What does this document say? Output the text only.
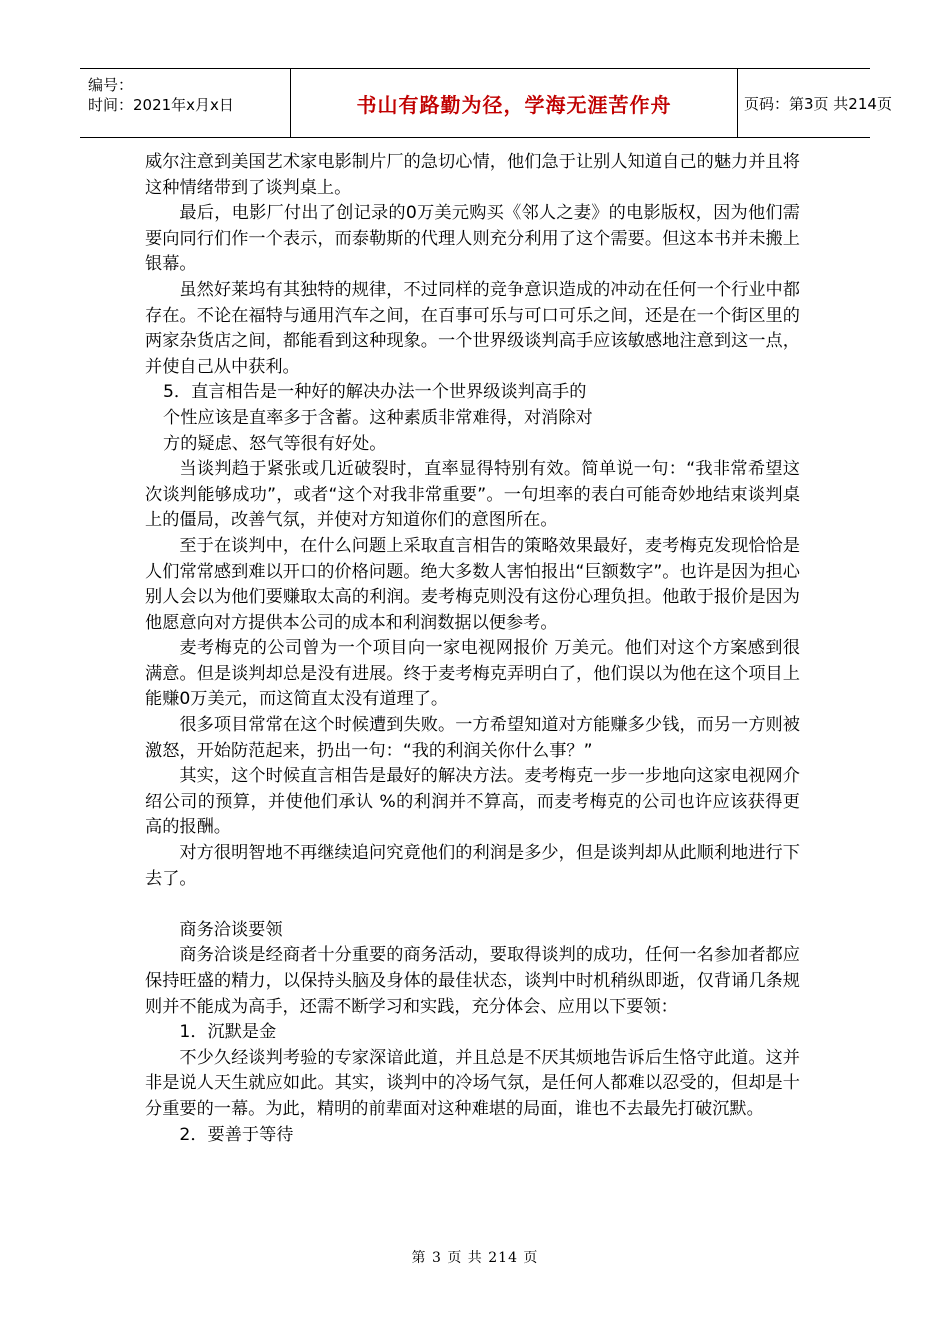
编号：
时间：2021年x月x日	书山有路勤为径，学海无涯苦作舟	页码：第3页 共214页

威尔注意到美国艺术家电影制片厂的急切心情，他们急于让别人知道自己的魅力并且将这种情绪带到了谈判桌上。

最后，电影厂付出了创记录的0万美元购买《邻人之妻》的电影版权，因为他们需要向同行们作一个表示，而泰勒斯的代理人则充分利用了这个需要。但这本书并未搬上银幕。

虽然好莱坞有其独特的规律，不过同样的竞争意识造成的冲动在任何一个行业中都存在。不论在福特与通用汽车之间，在百事可乐与可口可乐之间，还是在一个街区里的两家杂货店之间，都能看到这种现象。一个世界级谈判高手应该敏感地注意到这一点，并使自己从中获利。

5．直言相告是一种好的解决办法一个世界级谈判高手的

个性应该是直率多于含蓄。这种素质非常难得，对消除对

方的疑虑、怒气等很有好处。

当谈判趋于紧张或几近破裂时，直率显得特别有效。简单说一句：“我非常希望这次谈判能够成功”，或者“这个对我非常重要”。一句坦率的表白可能奇妙地结束谈判桌上的僵局，改善气氛，并使对方知道你们的意图所在。

至于在谈判中，在什么问题上采取直言相告的策略效果最好，麦考梅克发现恰恰是人们常常感到难以开口的价格问题。绝大多数人害怕报出“巨额数字”。也许是因为担心别人会以为他们要赚取太高的利润。麦考梅克则没有这份心理负担。他敢于报价是因为他愿意向对方提供本公司的成本和利润数据以便参考。

麦考梅克的公司曾为一个项目向一家电视网报价 万美元。他们对这个方案感到很满意。但是谈判却总是没有进展。终于麦考梅克弄明白了，他们误以为他在这个项目上能赚0万美元，而这简直太没有道理了。

很多项目常常在这个时候遭到失败。一方希望知道对方能赚多少钱，而另一方则被激怒，开始防范起来，扔出一句：“我的利润关你什么事？”

其实，这个时候直言相告是最好的解决方法。麦考梅克一步一步地向这家电视网介绍公司的预算，并使他们承认 %的利润并不算高，而麦考梅克的公司也许应该获得更高的报酬。

对方很明智地不再继续追问究竟他们的利润是多少，但是谈判却从此顺利地进行下去了。

商务洽谈要领

商务洽谈是经商者十分重要的商务活动，要取得谈判的成功，任何一名参加者都应保持旺盛的精力，以保持头脑及身体的最佳状态，谈判中时机稍纵即逝，仅背诵几条规则并不能成为高手，还需不断学习和实践，充分体会、应用以下要领：

1．沉默是金

不少久经谈判考验的专家深谙此道，并且总是不厌其烦地告诉后生恪守此道。这并非是说人天生就应如此。其实，谈判中的冷场气氛，是任何人都难以忍受的，但却是十分重要的一幕。为此，精明的前辈面对这种难堪的局面，谁也不去最先打破沉默。

2．要善于等待

第 3 页 共 214 页
